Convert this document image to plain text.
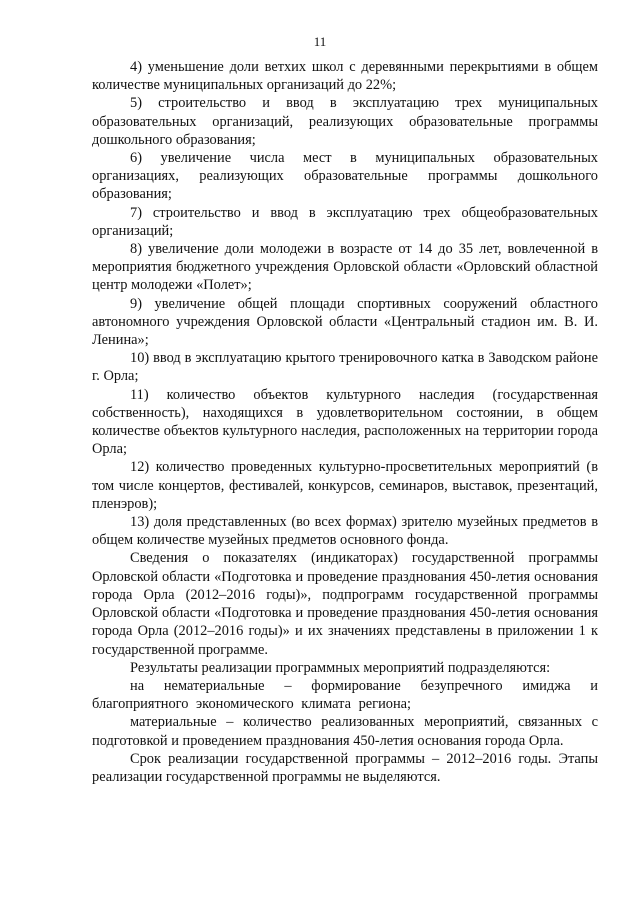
11

4) уменьшение доли ветхих школ с деревянными перекрытиями в общем количестве муниципальных организаций до 22%;

5) строительство и ввод в эксплуатацию трех муниципальных образовательных организаций, реализующих образовательные программы дошкольного образования;

6) увеличение числа мест в муниципальных образовательных организациях, реализующих образовательные программы дошкольного образования;

7) строительство и ввод в эксплуатацию трех общеобразовательных организаций;

8) увеличение доли молодежи в возрасте от 14 до 35 лет, вовлеченной в мероприятия бюджетного учреждения Орловской области «Орловский областной центр молодежи «Полет»;

9) увеличение общей площади спортивных сооружений областного автономного учреждения Орловской области «Центральный стадион им. В. И. Ленина»;

10) ввод в эксплуатацию крытого тренировочного катка в Заводском районе г. Орла;

11) количество объектов культурного наследия (государственная собственность), находящихся в удовлетворительном состоянии, в общем количестве объектов культурного наследия, расположенных на территории города Орла;

12) количество проведенных культурно-просветительных мероприятий (в том числе концертов, фестивалей, конкурсов, семинаров, выставок, презентаций, пленэров);

13) доля представленных (во всех формах) зрителю музейных предметов в общем количестве музейных предметов основного фонда.

Сведения о показателях (индикаторах) государственной программы Орловской области «Подготовка и проведение празднования 450-летия основания города Орла (2012–2016 годы)», подпрограмм государственной программы Орловской области «Подготовка и проведение празднования 450-летия основания города Орла (2012–2016 годы)» и их значениях представлены в приложении 1 к государственной программе.

Результаты реализации программных мероприятий подразделяются:

на нематериальные – формирование безупречного имиджа и благоприятного экономического климата региона;

материальные – количество реализованных мероприятий, связанных с подготовкой и проведением празднования 450-летия основания города Орла.

Срок реализации государственной программы – 2012–2016 годы. Этапы реализации государственной программы не выделяются.
